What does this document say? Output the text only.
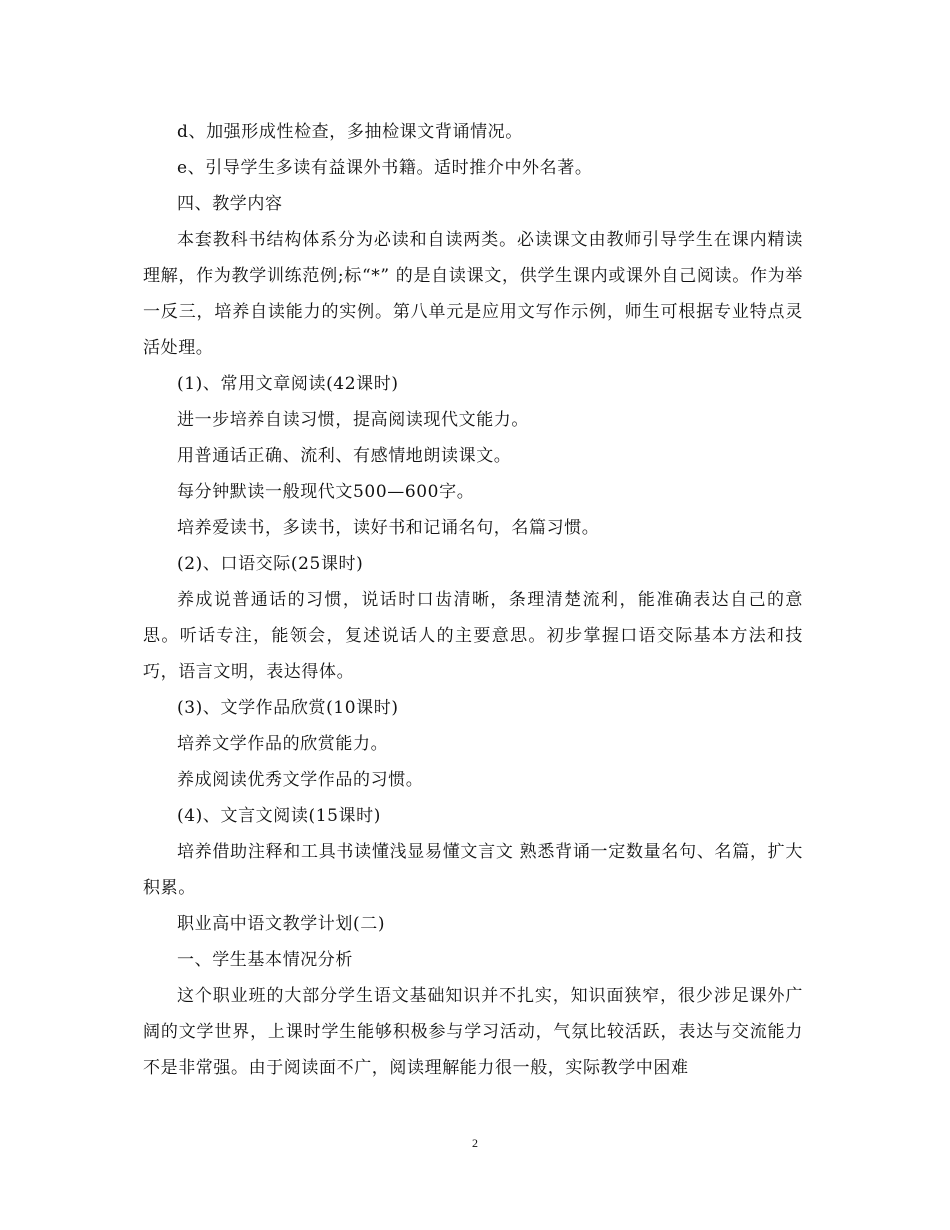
d、加强形成性检查，多抽检课文背诵情况。

e、引导学生多读有益课外书籍。适时推介中外名著。

四、教学内容

本套教科书结构体系分为必读和自读两类。必读课文由教师引导学生在课内精读理解，作为教学训练范例;标“*” 的是自读课文，供学生课内或课外自己阅读。作为举一反三，培养自读能力的实例。第八单元是应用文写作示例，师生可根据专业特点灵活处理。

(1)、常用文章阅读(42课时)

进一步培养自读习惯，提高阅读现代文能力。

用普通话正确、流利、有感情地朗读课文。

每分钟默读一般现代文500—600字。

培养爱读书，多读书，读好书和记诵名句，名篇习惯。

(2)、口语交际(25课时)

养成说普通话的习惯，说话时口齿清晰，条理清楚流利，能准确表达自己的意思。听话专注，能领会，复述说话人的主要意思。初步掌握口语交际基本方法和技巧，语言文明，表达得体。

(3)、文学作品欣赏(10课时)

培养文学作品的欣赏能力。

养成阅读优秀文学作品的习惯。

(4)、文言文阅读(15课时)

培养借助注释和工具书读懂浅显易懂文言文 熟悉背诵一定数量名句、名篇，扩大积累。

职业高中语文教学计划(二)

一、学生基本情况分析

这个职业班的大部分学生语文基础知识并不扎实，知识面狭窄，很少涉足课外广阔的文学世界，上课时学生能够积极参与学习活动，气氛比较活跃，表达与交流能力不是非常强。由于阅读面不广，阅读理解能力很一般，实际教学中困难

2
